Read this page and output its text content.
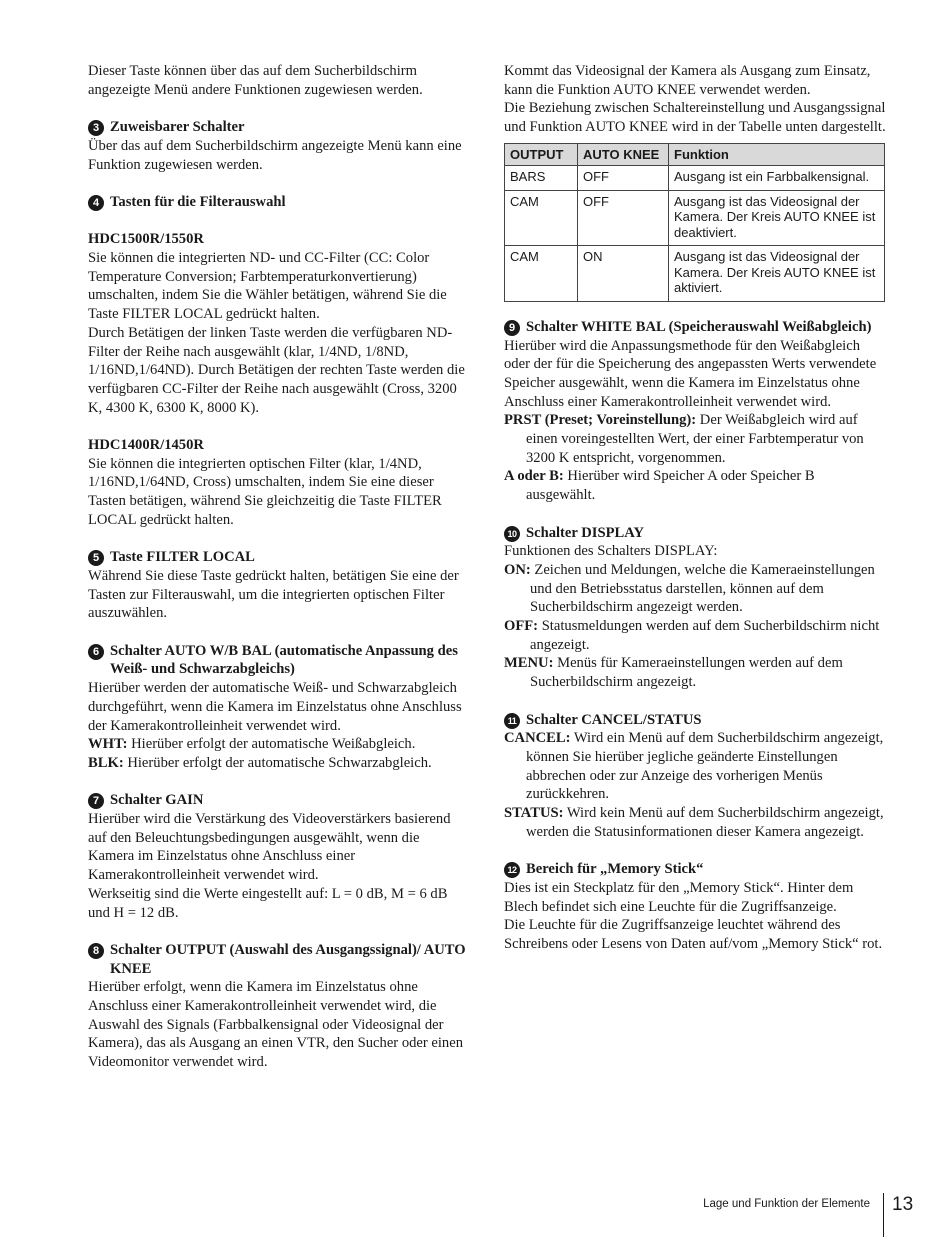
Dieser Taste können über das auf dem Sucherbildschirm angezeigte Menü andere Funktionen zugewiesen werden.

3 Zuweisbarer Schalter

Über das auf dem Sucherbildschirm angezeigte Menü kann eine Funktion zugewiesen werden.

4 Tasten für die Filterauswahl

HDC1500R/1550R

Sie können die integrierten ND- und CC-Filter (CC: Color Temperature Conversion; Farbtemperaturkonvertierung) umschalten, indem Sie die Wähler betätigen, während Sie die Taste FILTER LOCAL gedrückt halten.

Durch Betätigen der linken Taste werden die verfügbaren ND-Filter der Reihe nach ausgewählt (klar, 1/4ND, 1/8ND, 1/16ND,1/64ND). Durch Betätigen der rechten Taste werden die verfügbaren CC-Filter der Reihe nach ausgewählt (Cross, 3200 K, 4300 K, 6300 K, 8000 K).

HDC1400R/1450R

Sie können die integrierten optischen Filter (klar, 1/4ND, 1/16ND,1/64ND, Cross) umschalten, indem Sie eine dieser Tasten betätigen, während Sie gleichzeitig die Taste FILTER LOCAL gedrückt halten.

5 Taste FILTER LOCAL

Während Sie diese Taste gedrückt halten, betätigen Sie eine der Tasten zur Filterauswahl, um die integrierten optischen Filter auszuwählen.

6 Schalter AUTO W/B BAL (automatische Anpassung des Weiß- und Schwarzabgleichs)

Hierüber werden der automatische Weiß- und Schwarzabgleich durchgeführt, wenn die Kamera im Einzelstatus ohne Anschluss der Kamerakontrolleinheit verwendet wird.

WHT: Hierüber erfolgt der automatische Weißabgleich.

BLK: Hierüber erfolgt der automatische Schwarzabgleich.

7 Schalter GAIN

Hierüber wird die Verstärkung des Videoverstärkers basierend auf den Beleuchtungsbedingungen ausgewählt, wenn die Kamera im Einzelstatus ohne Anschluss einer Kamerakontrolleinheit verwendet wird.

Werkseitig sind die Werte eingestellt auf: L = 0 dB, M = 6 dB und H = 12 dB.

8 Schalter OUTPUT (Auswahl des Ausgangssignal)/ AUTO KNEE

Hierüber erfolgt, wenn die Kamera im Einzelstatus ohne Anschluss einer Kamerakontrolleinheit verwendet wird, die Auswahl des Signals (Farbbalkensignal oder Videosignal der Kamera), das als Ausgang an einen VTR, den Sucher oder einen Videomonitor verwendet wird.

Kommt das Videosignal der Kamera als Ausgang zum Einsatz, kann die Funktion AUTO KNEE verwendet werden.

Die Beziehung zwischen Schaltereinstellung und Ausgangssignal und Funktion AUTO KNEE wird in der Tabelle unten dargestellt.

OUTPUT	AUTO KNEE	Funktion
BARS	OFF	Ausgang ist ein Farbbalkensignal.
CAM	OFF	Ausgang ist das Videosignal der Kamera. Der Kreis AUTO KNEE ist deaktiviert.
CAM	ON	Ausgang ist das Videosignal der Kamera. Der Kreis AUTO KNEE ist aktiviert.
9 Schalter WHITE BAL (Speicherauswahl Weißabgleich)

Hierüber wird die Anpassungsmethode für den Weißabgleich oder der für die Speicherung des angepassten Werts verwendete Speicher ausgewählt, wenn die Kamera im Einzelstatus ohne Anschluss einer Kamerakontrolleinheit verwendet wird.

PRST (Preset; Voreinstellung): Der Weißabgleich wird auf einen voreingestellten Wert, der einer Farbtemperatur von 3200 K entspricht, vorgenommen.

A oder B: Hierüber wird Speicher A oder Speicher B ausgewählt.

10 Schalter DISPLAY

Funktionen des Schalters DISPLAY:

ON: Zeichen und Meldungen, welche die Kameraeinstellungen und den Betriebsstatus darstellen, können auf dem Sucherbildschirm angezeigt werden.

OFF: Statusmeldungen werden auf dem Sucherbildschirm nicht angezeigt.

MENU: Menüs für Kameraeinstellungen werden auf dem Sucherbildschirm angezeigt.

11 Schalter CANCEL/STATUS

CANCEL: Wird ein Menü auf dem Sucherbildschirm angezeigt, können Sie hierüber jegliche geänderte Einstellungen abbrechen oder zur Anzeige des vorherigen Menüs zurückkehren.

STATUS: Wird kein Menü auf dem Sucherbildschirm angezeigt, werden die Statusinformationen dieser Kamera angezeigt.

12 Bereich für „Memory Stick“

Dies ist ein Steckplatz für den „Memory Stick“. Hinter dem Blech befindet sich eine Leuchte für die Zugriffsanzeige.

Die Leuchte für die Zugriffsanzeige leuchtet während des Schreibens oder Lesens von Daten auf/vom „Memory Stick“ rot.

Lage und Funktion der Elemente 13
